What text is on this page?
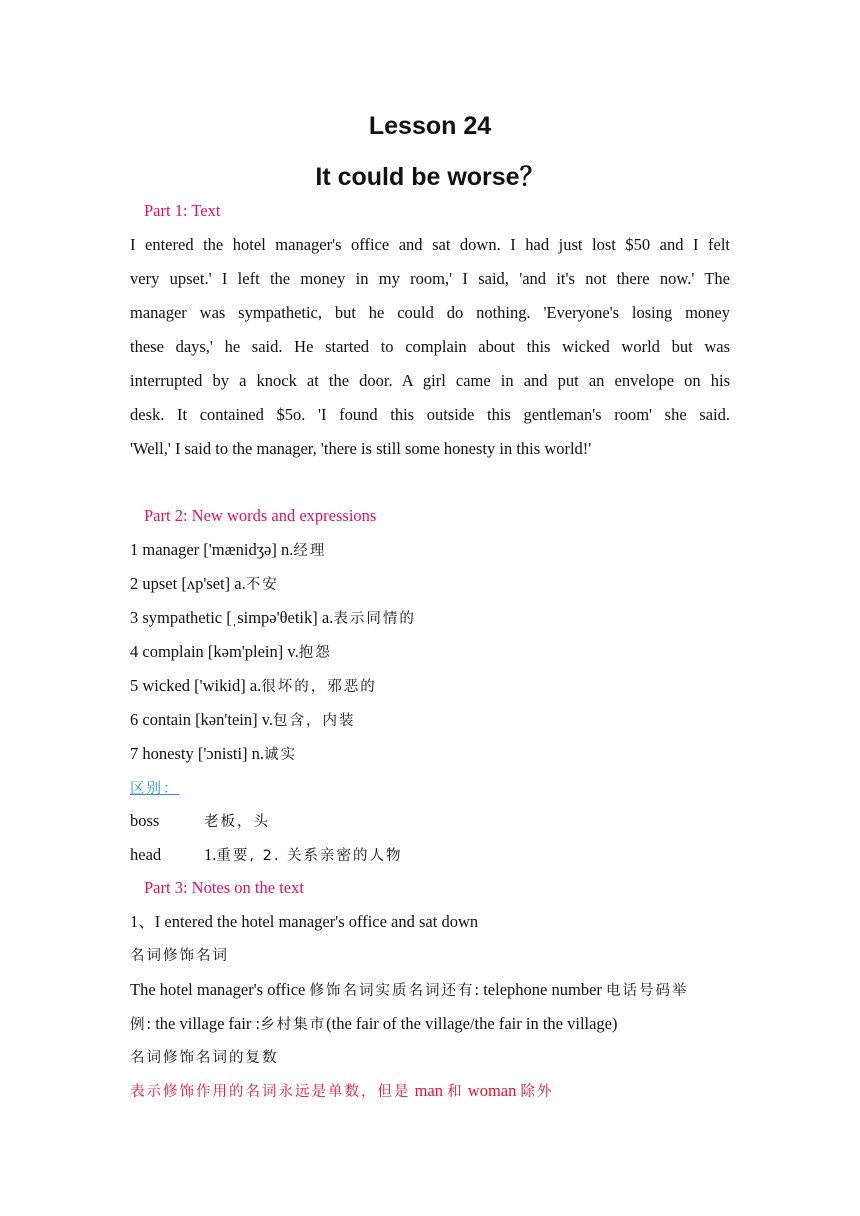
Lesson 24
It could be worse？
Part 1: Text
I entered the hotel manager's office and sat down. I had just lost $50 and I felt
very upset.' I left the money in my room,' I said, 'and it's not there now.' The
manager was sympathetic, but he could do nothing. 'Everyone's losing money
these days,' he said. He started to complain about this wicked world but was
interrupted by a knock at the door. A girl came in and put an envelope on his
desk. It contained $5o. 'I found this outside this gentleman's room' she said.
'Well,' I said to the manager, 'there is still some honesty in this world!'
Part 2: New words and expressions
1 manager ['mænidʒə] n.经理
2 upset [ʌp'set] a.不安
3 sympathetic [ˌsimpə'θetik] a.表示同情的
4 complain [kəm'plein] v.抱怨
5 wicked ['wikid] a.很坏的，邪恶的
6 contain [kən'tein] v.包含，内装
7 honesty ['ɔnisti] n.诚实
区别：
boss	老板，头
head	1.重要, 2. 关系亲密的人物
Part 3: Notes on the text
1、I entered the hotel manager's office and sat down
名词修饰名词
The hotel manager's office 修饰名词实质名词还有: telephone number 电话号码举
例: the village fair :乡村集市(the fair of the village/the fair in the village)
名词修饰名词的复数
表示修饰作用的名词永远是单数，但是 man 和 woman 除外
